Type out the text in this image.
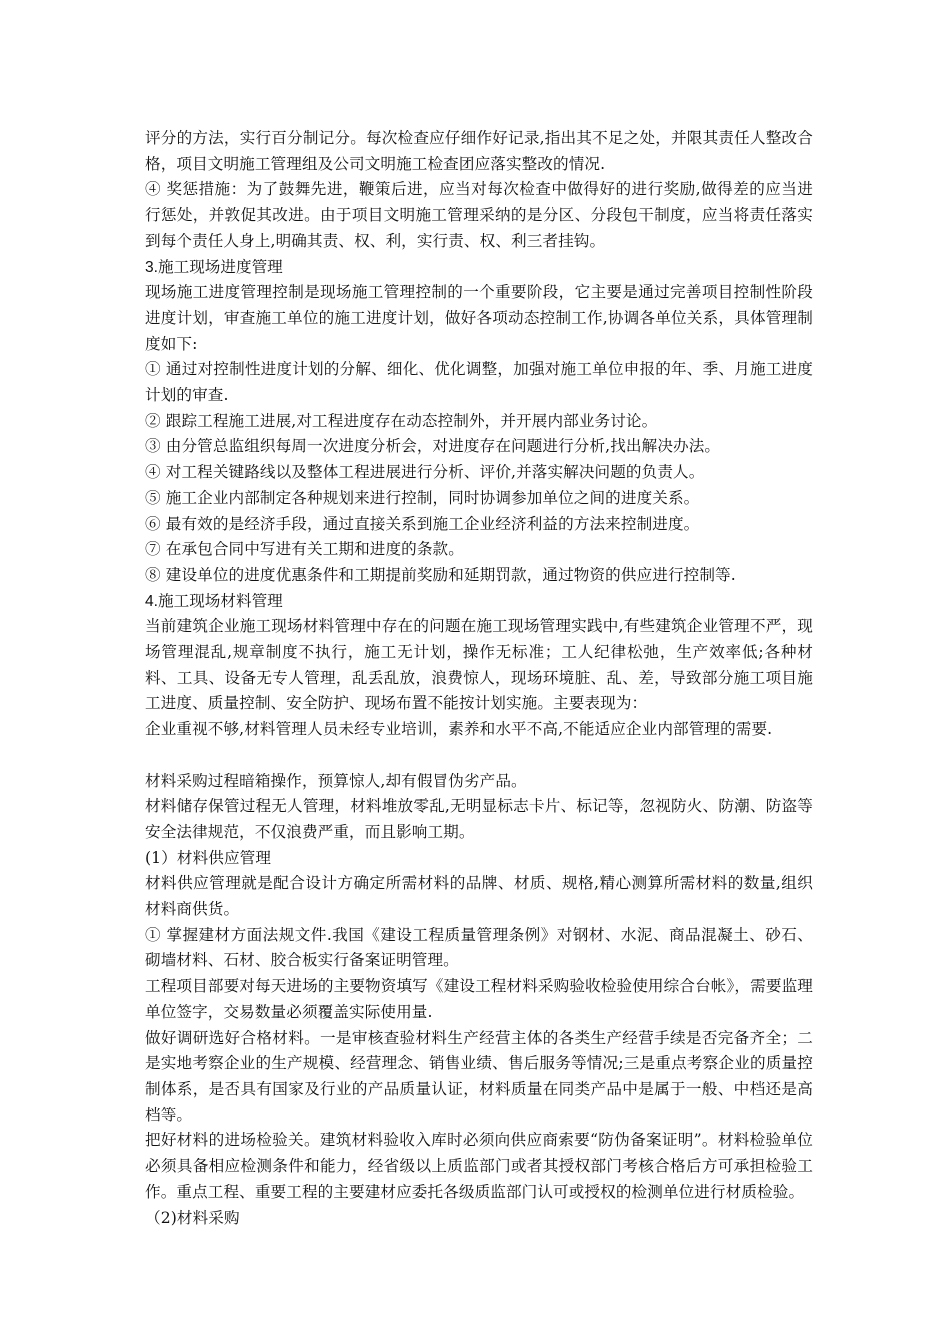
评分的方法，实行百分制记分。每次检查应仔细作好记录,指出其不足之处，并限其责任人整改合格，项目文明施工管理组及公司文明施工检查团应落实整改的情况.

④ 奖惩措施：为了鼓舞先进，鞭策后进，应当对每次检查中做得好的进行奖励,做得差的应当进行惩处，并敦促其改进。由于项目文明施工管理采纳的是分区、分段包干制度，应当将责任落实到每个责任人身上,明确其责、权、利，实行责、权、利三者挂钩。

3.施工现场进度管理

现场施工进度管理控制是现场施工管理控制的一个重要阶段，它主要是通过完善项目控制性阶段进度计划，审查施工单位的施工进度计划，做好各项动态控制工作,协调各单位关系，具体管理制度如下:

① 通过对控制性进度计划的分解、细化、优化调整，加强对施工单位申报的年、季、月施工进度计划的审查.

② 跟踪工程施工进展,对工程进度存在动态控制外，并开展内部业务讨论。

③ 由分管总监组织每周一次进度分析会，对进度存在问题进行分析,找出解决办法。

④ 对工程关键路线以及整体工程进展进行分析、评价,并落实解决问题的负责人。

⑤ 施工企业内部制定各种规划来进行控制，同时协调参加单位之间的进度关系。

⑥ 最有效的是经济手段，通过直接关系到施工企业经济利益的方法来控制进度。

⑦ 在承包合同中写进有关工期和进度的条款。

⑧ 建设单位的进度优惠条件和工期提前奖励和延期罚款，通过物资的供应进行控制等.

4.施工现场材料管理

当前建筑企业施工现场材料管理中存在的问题在施工现场管理实践中,有些建筑企业管理不严，现场管理混乱,规章制度不执行，施工无计划，操作无标准；工人纪律松弛，生产效率低;各种材料、工具、设备无专人管理，乱丢乱放，浪费惊人，现场环境脏、乱、差，导致部分施工项目施工进度、质量控制、安全防护、现场布置不能按计划实施。主要表现为：

企业重视不够,材料管理人员未经专业培训，素养和水平不高,不能适应企业内部管理的需要.

材料采购过程暗箱操作，预算惊人,却有假冒伪劣产品。

材料储存保管过程无人管理，材料堆放零乱,无明显标志卡片、标记等，忽视防火、防潮、防盗等安全法律规范，不仅浪费严重，而且影响工期。

(1）材料供应管理

材料供应管理就是配合设计方确定所需材料的品牌、材质、规格,精心测算所需材料的数量,组织材料商供货。

① 掌握建材方面法规文件.我国《建设工程质量管理条例》对钢材、水泥、商品混凝土、砂石、砌墙材料、石材、胶合板实行备案证明管理。

工程项目部要对每天进场的主要物资填写《建设工程材料采购验收检验使用综合台帐》，需要监理单位签字，交易数量必须覆盖实际使用量.

做好调研选好合格材料。一是审核查验材料生产经营主体的各类生产经营手续是否完备齐全；二是实地考察企业的生产规模、经营理念、销售业绩、售后服务等情况;三是重点考察企业的质量控制体系，是否具有国家及行业的产品质量认证，材料质量在同类产品中是属于一般、中档还是高档等。

把好材料的进场检验关。建筑材料验收入库时必须向供应商索要“防伪备案证明”。材料检验单位必须具备相应检测条件和能力，经省级以上质监部门或者其授权部门考核合格后方可承担检验工作。重点工程、重要工程的主要建材应委托各级质监部门认可或授权的检测单位进行材质检验。

（2)材料采购
